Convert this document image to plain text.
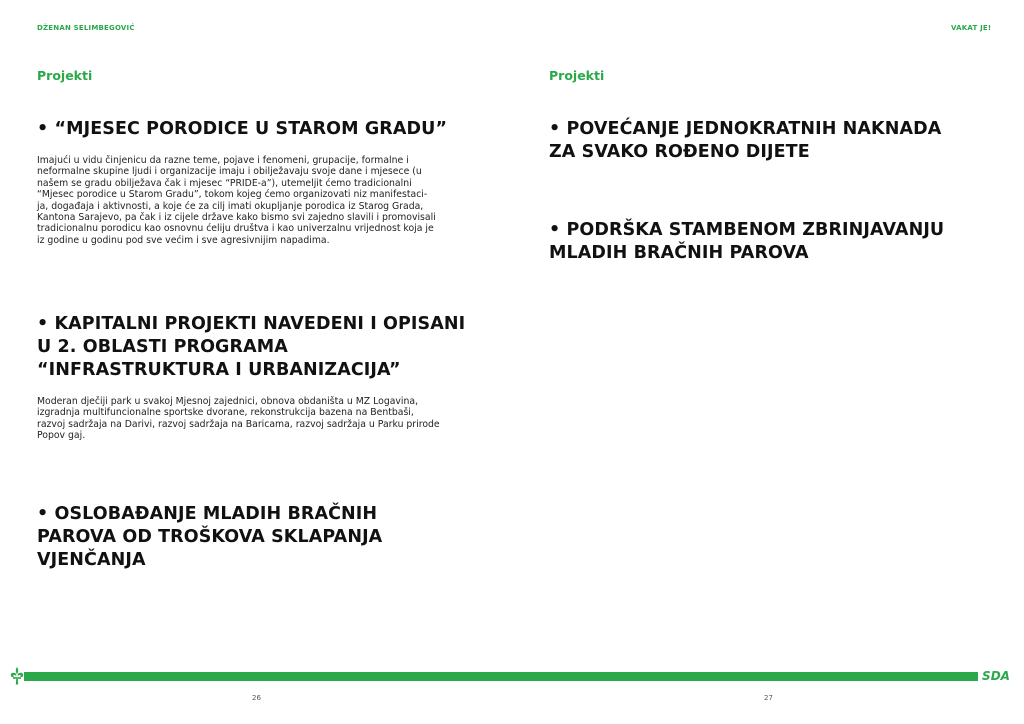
DŽENAN SELIMBEGOVIĆ	VAKAT JE!
Projekti	Projekti
• “MJESEC PORODICE U STAROM GRADU”
Imajući u vidu činjenicu da razne teme, pojave i fenomeni, grupacije, formalne i
neformalne skupine ljudi i organizacije imaju i obilježavaju svoje dane i mjesece (u
našem se gradu obilježava čak i mjesec “PRIDE-a”), utemeljit ćemo tradicionalni
“Mjesec porodice u Starom Gradu”, tokom kojeg ćemo organizovati niz manifestaci-
ja, događaja i aktivnosti, a koje će za cilj imati okupljanje porodica iz Starog Grada,
Kantona Sarajevo, pa čak i iz cijele države kako bismo svi zajedno slavili i promovisali
tradicionalnu porodicu kao osnovnu ćeliju društva i kao univerzalnu vrijednost koja je
iz godine u godinu pod sve većim i sve agresivnijim napadima.
• KAPITALNI PROJEKTI NAVEDENI I OPISANI
U 2. OBLASTI PROGRAMA
“INFRASTRUKTURA I URBANIZACIJA”
Moderan dječiji park u svakoj Mjesnoj zajednici, obnova obdaništa u MZ Logavina,
izgradnja multifuncionalne sportske dvorane, rekonstrukcija bazena na Bentbaši,
razvoj sadržaja na Darivi, razvoj sadržaja na Baricama, razvoj sadržaja u Parku prirode
Popov gaj.
• OSLOBAĐANJE MLADIH BRAČNIH
PAROVA OD TROŠKOVA SKLAPANJA
VJENČANJA
• POVEĆANJE JEDNOKRATNIH NAKNADA
ZA SVAKO ROĐENO DIJETE
• PODRŠKA STAMBENOM ZBRINJAVANJU
MLADIH BRAČNIH PAROVA
SDA
26	27
